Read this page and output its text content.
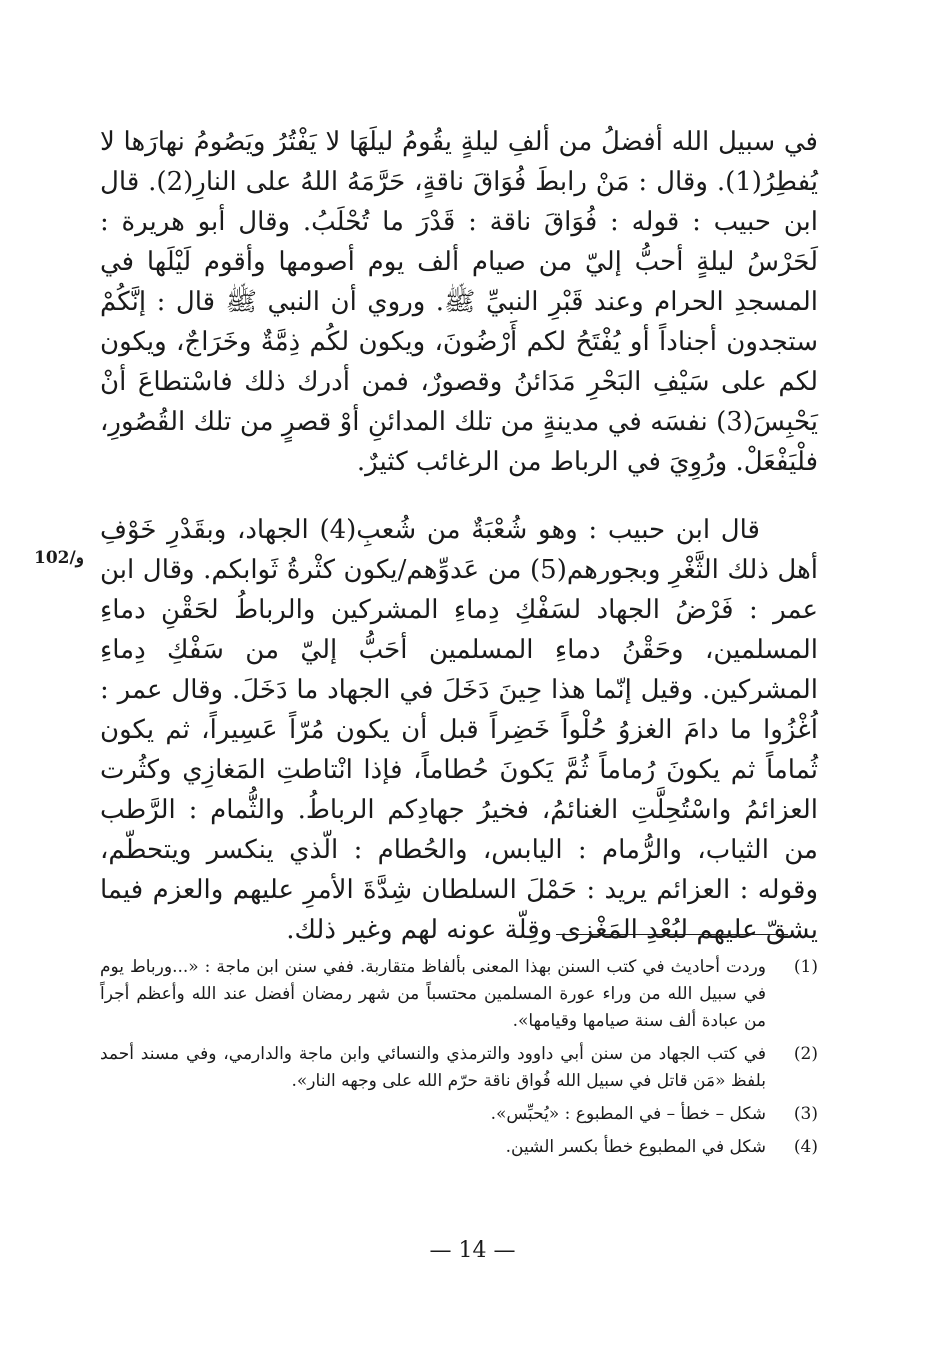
في سبيل الله أفضلُ من ألفِ ليلةٍ يقُومُ ليلَهَا لا يَفْتُرُ ويَصُومُ نهارَها لا يُفطِرُ(1). وقال : مَنْ رابطَ فُوَاقَ ناقةٍ، حَرَّمَهُ اللهُ على النارِ(2). قال ابن حبيب : قوله : فُوَاقَ ناقة : قَدْرَ ما تُحْلَبُ. وقال أبو هريرة : لَحَرْسُ ليلةٍ أحبُّ إليّ من صيام ألف يوم أصومها وأقوم لَيْلَها في المسجدِ الحرام وعند قَبْرِ النبيِّ ﷺ. وروي أن النبي ﷺ قال : إنَّكُمْ ستجدون أجناداً أو يُفْتَحُ لكم أَرْضُونَ، ويكون لكُم ذِمَّةٌ وخَرَاجٌ، ويكون لكم على سَيْفِ البَحْرِ مَدَائنُ وقصورٌ، فمن أدرك ذلك فاسْتطاعَ أنْ يَحْبِسَ(3) نفسَه في مدينةٍ من تلك المدائنِ أوْ قصرٍ من تلك القُصُورِ، فلْيَفْعَلْ. ورُوِيَ في الرباط من الرغائب كثيرٌ.

قال ابن حبيب : وهو شُعْبَةٌ من شُعبِ(4) الجهاد، وبقَدْرِ خَوْفِ أهل ذلك الثَّغْرِ وبجورهم(5) من عَدوِّهم/يكون كثْرةُ ثَوابكم. وقال ابن عمر : فَرْضُ الجهاد لسَفْكِ دِماءِ المشركين والرباطُ لحَقْنِ دماءِ المسلمين، وحَقْنُ دماءِ المسلمين أحَبُّ إليّ من سَفْكِ دِماءِ المشركين. وقيل إنّما هذا حِينَ دَخَلَ في الجهاد ما دَخَلَ. وقال عمر : اُغْزُوا ما دامَ الغزوُ حُلْواً خَضِراً قبل أن يكون مُرّاً عَسِيراً، ثم يكون ثُماماً ثم يكونَ رُماماً ثُمَّ يَكونَ حُطاماً، فإذا انْتاطتِ المَغازِي وكثُرت العزائمُ واسْتُحِلَّتِ الغنائمُ، فخيرُ جهادِكم الرباطُ. والثُّمام : الرَّطب من الثياب، والرُّمام : اليابس، والحُطام : الّذي ينكسر ويتحطّم، وقوله : العزائم يريد : حَمْلَ السلطان شِدَّةَ الأمرِ عليهم والعزم فيما يشقّ عليهم لبُعْدِ المَغْزى وقِلّة عونه لهم وغير ذلك.

102/و
(1)
وردت أحاديث في كتب السنن بهذا المعنى بألفاظ متقاربة. ففي سنن ابن ماجة : «...ورباط يوم في سبيل الله من وراء عورة المسلمين محتسباً من شهر رمضان أفضل عند الله وأعظم أجراً من عبادة ألف سنة صيامها وقيامها».
(2)
في كتب الجهاد من سنن أبي داوود والترمذي والنسائي وابن ماجة والدارمي، وفي مسند أحمد بلفظ «مَن قاتل في سبيل الله فُواق ناقة حرّم الله على وجهه النار».
(3)
شكل – خطأ – في المطبوع : «يُحبِّس».
(4)
شكل في المطبوع خطأ بكسر الشين.
— 14 —
